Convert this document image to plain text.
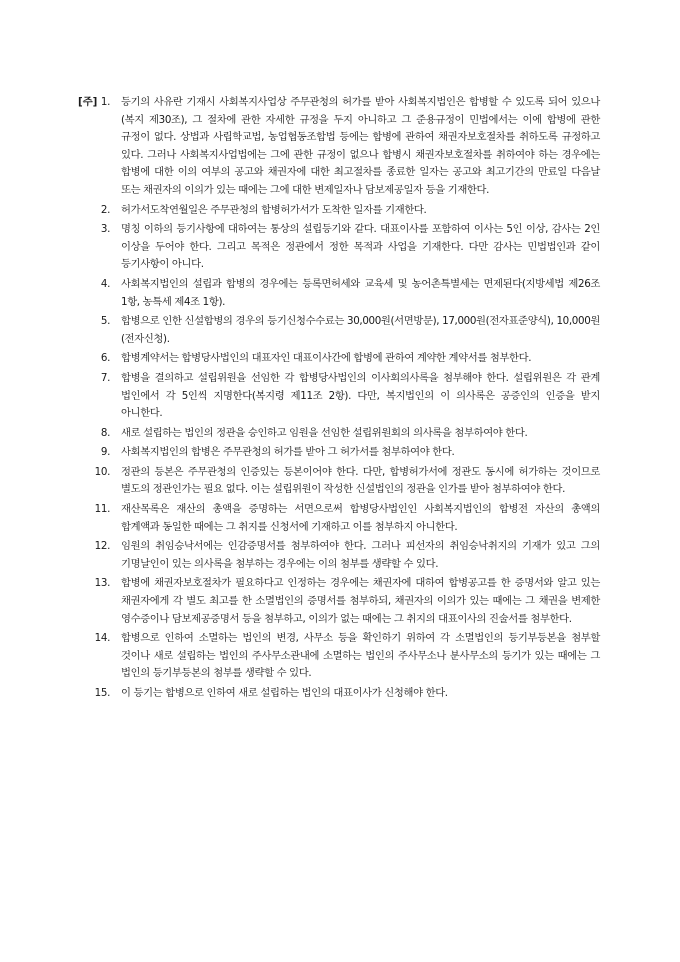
[주] 1. 등기의 사유란 기재시 사회복지사업상 주무관청의 허가를 받아 사회복지법인은 합병할 수 있도록 되어 있으나(복지 제30조), 그 절차에 관한 자세한 규정을 두지 아니하고 그 준용규정이 민법에서는 이에 합병에 관한 규정이 없다. 상법과 사립학교법, 농업협동조합법 등에는 합병에 관하여 채권자보호절차를 취하도록 규정하고 있다. 그러나 사회복지사업법에는 그에 관한 규정이 없으나 합병시 채권자보호절차를 취하여야 하는 경우에는 합병에 대한 이의 여부의 공고와 채권자에 대한 최고절차를 종료한 일자는 공고와 최고기간의 만료일 다음날 또는 채권자의 이의가 있는 때에는 그에 대한 변제일자나 담보제공일자 등을 기재한다.
2. 허가서도착연월일은 주무관청의 합병허가서가 도착한 일자를 기재한다.
3. 명칭 이하의 등기사항에 대하여는 통상의 설립등기와 같다. 대표이사를 포함하여 이사는 5인 이상, 감사는 2인 이상을 두어야 한다. 그리고 목적은 정관에서 정한 목적과 사업을 기재한다. 다만 감사는 민법법인과 같이 등기사항이 아니다.
4. 사회복지법인의 설립과 합병의 경우에는 등록면허세와 교육세 및 농어촌특별세는 면제된다(지방세법 제26조 1항, 농특세 제4조 1항).
5. 합병으로 인한 신설합병의 경우의 등기신청수수료는 30,000원(서면방문), 17,000원(전자표준양식), 10,000원(전자신청).
6. 합병계약서는 합병당사법인의 대표자인 대표이사간에 합병에 관하여 계약한 계약서를 첨부한다.
7. 합병을 결의하고 설립위원을 선임한 각 합병당사법인의 이사회의사록을 첨부해야 한다. 설립위원은 각 관계 법인에서 각 5인씩 지명한다(복지령 제11조 2항). 다만, 복지법인의 이 의사록은 공증인의 인증을 받지 아니한다.
8. 새로 설립하는 법인의 정관을 승인하고 임원을 선임한 설립위원회의 의사록을 첨부하여야 한다.
9. 사회복지법인의 합병은 주무관청의 허가를 받아 그 허가서를 첨부하여야 한다.
10. 정관의 등본은 주무관청의 인증있는 등본이어야 한다. 다만, 합병허가서에 정관도 동시에 허가하는 것이므로 별도의 정관인가는 필요 없다. 이는 설립위원이 작성한 신설법인의 정관을 인가를 받아 첨부하여야 한다.
11. 재산목록은 재산의 총액을 증명하는 서면으로써 합병당사법인인 사회복지법인의 합병전 자산의 총액의 합계액과 동일한 때에는 그 취지를 신청서에 기재하고 이를 첨부하지 아니한다.
12. 임원의 취임승낙서에는 인감증명서를 첨부하여야 한다. 그러나 피선자의 취임승낙취지의 기재가 있고 그의 기명날인이 있는 의사록을 첨부하는 경우에는 이의 첨부를 생략할 수 있다.
13. 합병에 채권자보호절차가 필요하다고 인정하는 경우에는 채권자에 대하여 합병공고를 한 증명서와 알고 있는 채권자에게 각 별도 최고를 한 소멸법인의 증명서를 첨부하되, 채권자의 이의가 있는 때에는 그 채권을 변제한 영수증이나 담보제공증명서 등을 첨부하고, 이의가 없는 때에는 그 취지의 대표이사의 진술서를 첨부한다.
14. 합병으로 인하여 소멸하는 법인의 변경, 사무소 등을 확인하기 위하여 각 소멸법인의 등기부등본을 첨부할 것이나 새로 설립하는 법인의 주사무소관내에 소멸하는 법인의 주사무소나 분사무소의 등기가 있는 때에는 그 법인의 등기부등본의 첨부를 생략할 수 있다.
15. 이 등기는 합병으로 인하여 새로 설립하는 법인의 대표이사가 신청해야 한다.
